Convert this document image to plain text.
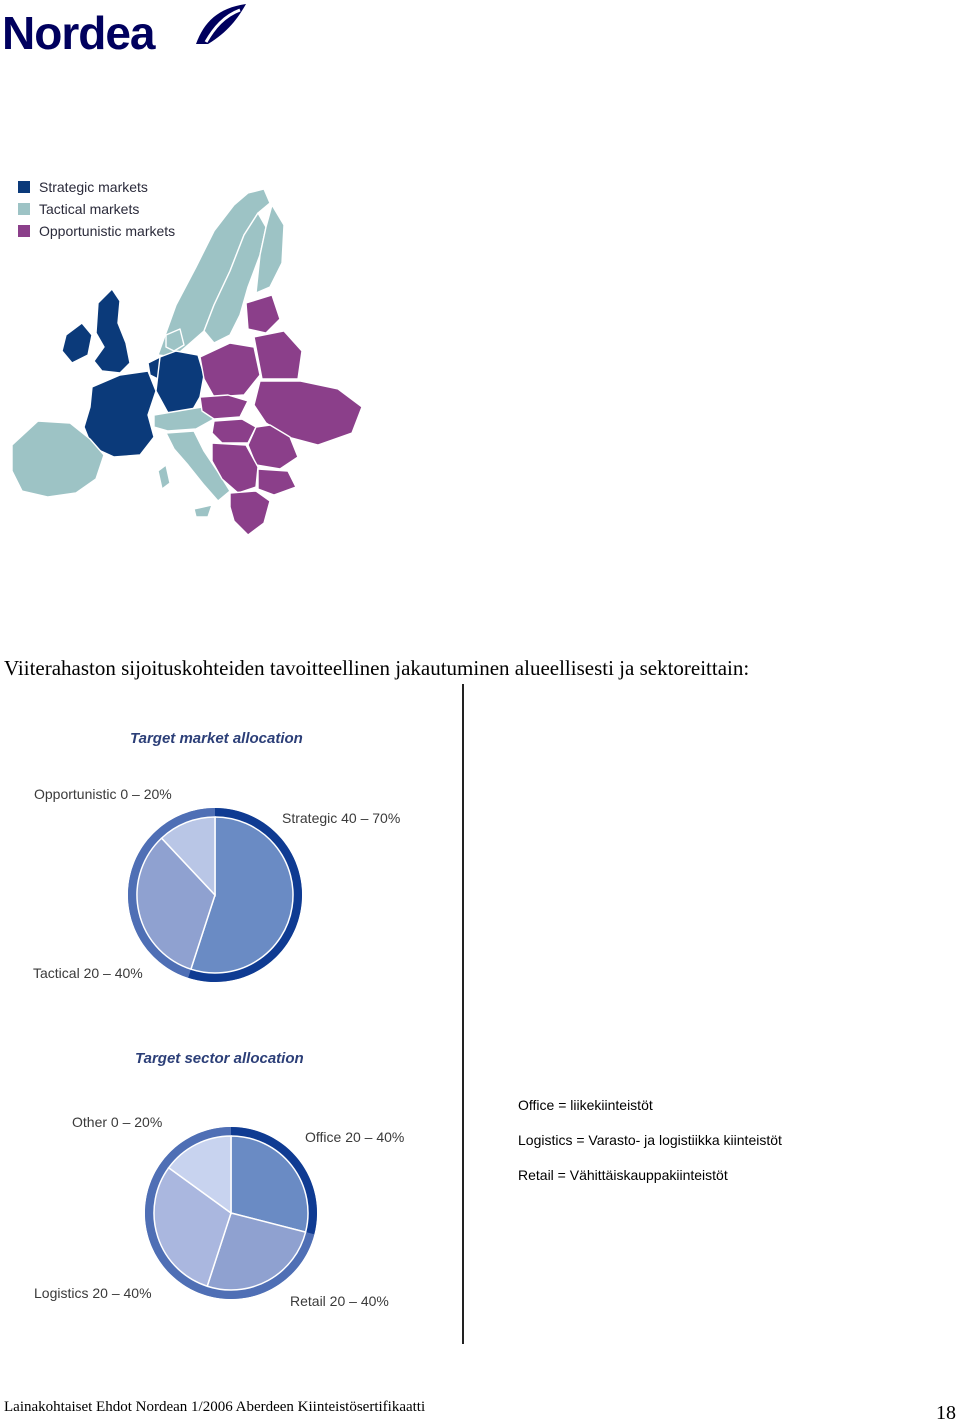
Nordea
Strategic markets
Tactical markets
Opportunistic markets
Viiterahaston sijoituskohteiden tavoitteellinen jakautuminen alueellisesti ja sektoreittain:
Target market allocation
Strategic 40 – 70%
Tactical 20 – 40%
Opportunistic 0 – 20%
Target sector allocation
Office 20 – 40%
Retail 20 – 40%
Logistics 20 – 40%
Other 0 – 20%
Office = liikekiinteistöt
Logistics = Varasto- ja logistiikka kiinteistöt
Retail = Vähittäiskauppakiinteistöt
Lainakohtaiset Ehdot Nordean 1/2006 Aberdeen Kiinteistösertifikaatti	18
